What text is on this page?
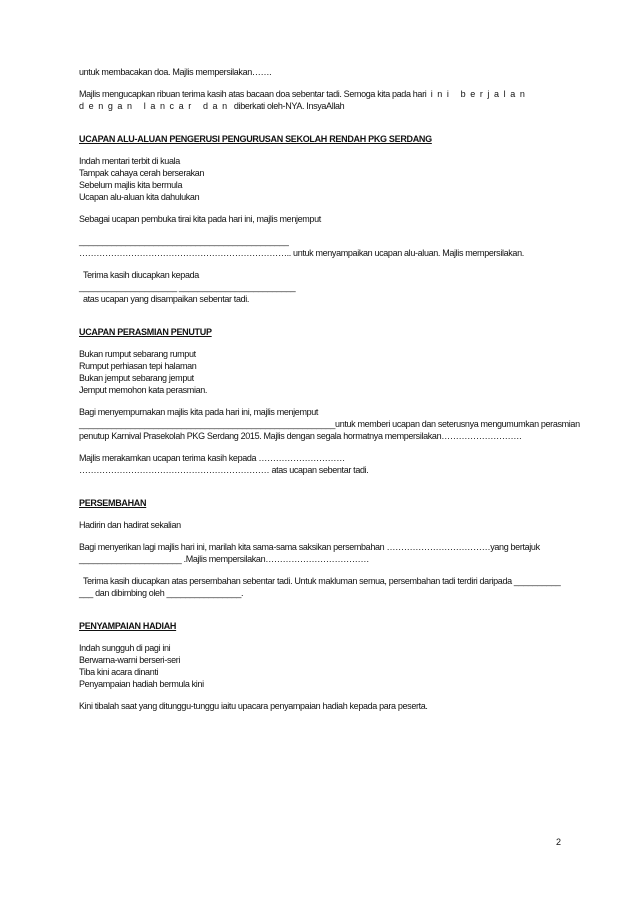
untuk membacakan doa. Majlis mempersilakan…….

Majlis mengucapkan ribuan terima kasih atas bacaan doa sebentar tadi. Semoga kita pada hari ini berjalan

dengan lancar dan diberkati oleh-NYA. InsyaAllah

UCAPAN ALU-ALUAN PENGERUSI PENGURUSAN SEKOLAH RENDAH PKG SERDANG

Indah mentari terbit di kuala

Tampak cahaya cerah berserakan

Sebelum majlis kita bermula

Ucapan alu-aluan kita dahulukan

Sebagai ucapan pembuka tirai kita pada hari ini, majlis menjemput

_____________________________________________

……………………………………………………………….. untuk menyampaikan ucapan alu-aluan. Majlis mempersilakan.

Terima kasih diucapkan kepada

_____________________ _________________________

atas ucapan yang disampaikan sebentar tadi.

UCAPAN PERASMIAN PENUTUP

Bukan rumput sebarang rumput

Rumput perhiasan tepi halaman

Bukan jemput sebarang jemput

Jemput memohon kata perasmian.

Bagi menyempurnakan majlis kita pada hari ini, majlis menjemput

_______________________________________________________untuk memberi ucapan dan seterusnya mengumumkan perasmian

penutup Karnival Prasekolah PKG Serdang 2015. Majlis dengan segala hormatnya mempersilakan……………………….

Majlis merakamkan ucapan terima kasih kepada …………………………

………………………………………………………… atas ucapan sebentar tadi.

PERSEMBAHAN

Hadirin dan hadirat sekalian

Bagi menyerikan lagi majlis hari ini, marilah kita sama-sama saksikan persembahan ………………………………yang bertajuk

______________________ .Majlis mempersilakan………………………………

Terima kasih diucapkan atas persembahan sebentar tadi. Untuk makluman semua, persembahan tadi terdiri daripada __________

___ dan dibimbing oleh ________________.

PENYAMPAIAN HADIAH

Indah sungguh di pagi ini

Berwarna-warni berseri-seri

Tiba kini acara dinanti

Penyampaian hadiah bermula kini

Kini tibalah saat yang ditunggu-tunggu iaitu upacara penyampaian hadiah kepada para peserta.

2
